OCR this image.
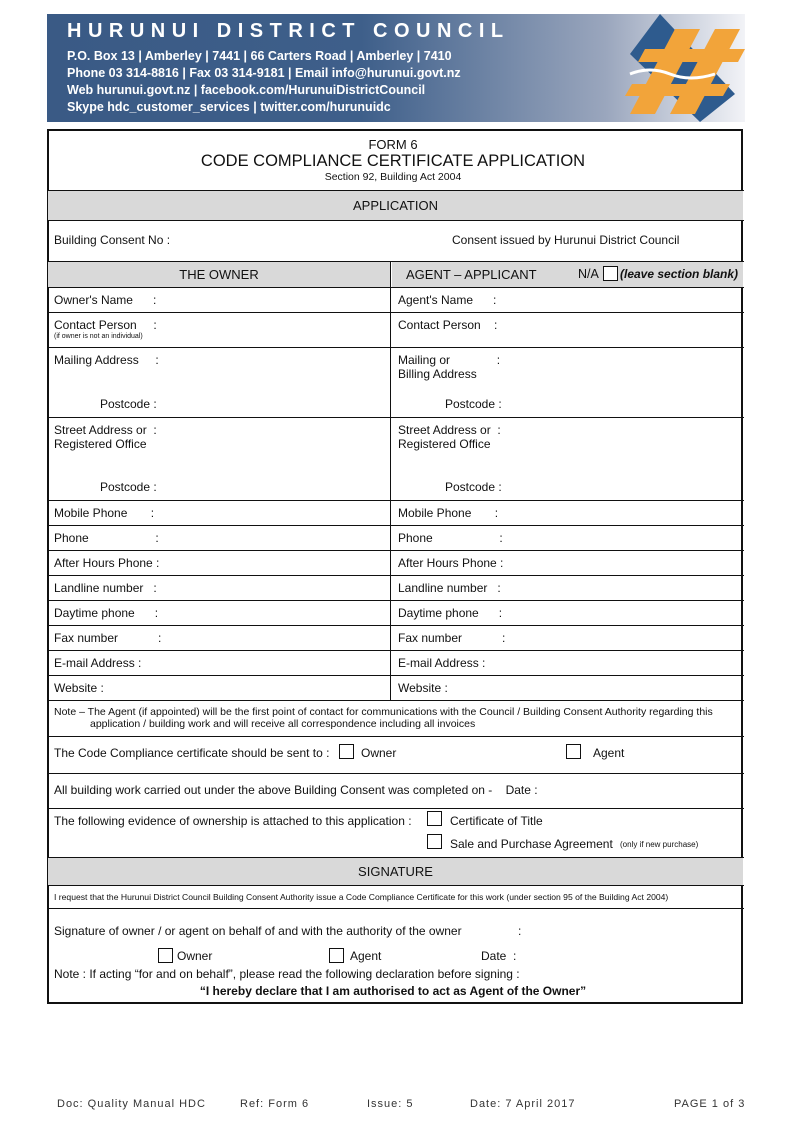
HURUNUI DISTRICT COUNCIL
P.O. Box 13 | Amberley | 7441 | 66 Carters Road | Amberley | 7410
Phone 03 314-8816 | Fax 03 314-9181 | Email info@hurunui.govt.nz
Web hurunui.govt.nz | facebook.com/HurunuiDistrictCouncil
Skype hdc_customer_services | twitter.com/hurunuidc
FORM 6
CODE COMPLIANCE CERTIFICATE APPLICATION
Section 92, Building Act 2004
APPLICATION
Building Consent No :	Consent issued by Hurunui District Council
THE OWNER	AGENT – APPLICANT	N/A (leave section blank)
Owner's Name      :	Agent's Name      :
Contact Person     :	Contact Person    :
(if owner is not an individual)
Mailing Address     :	Mailing or              :
Billing Address
Postcode :	Postcode :
Street Address or  :	Street Address or  :
Registered Office	Registered Office
Postcode :	Postcode :
Mobile Phone       :	Mobile Phone       :
Phone                    :	Phone                    :
After Hours Phone :	After Hours Phone :
Landline number   :	Landline number   :
Daytime phone      :	Daytime phone      :
Fax number            :	Fax number            :
E-mail Address :	E-mail Address :
Website :	Website :
Note – The Agent (if appointed) will be the first point of contact for communications with the Council / Building Consent Authority regarding this
application / building work and will receive all correspondence including all invoices
The Code Compliance certificate should be sent to :	Owner	Agent
All building work carried out under the above Building Consent was completed on -    Date :
The following evidence of ownership is attached to this application :	Certificate of Title
Sale and Purchase Agreement (only if new purchase)
SIGNATURE
I request that the Hurunui District Council Building Consent Authority issue a Code Compliance Certificate for this work (under section 95 of the Building Act 2004)
Signature of owner / or agent on behalf of and with the authority of the owner	:
Owner	Agent	Date  :
Note : If acting “for and on behalf”, please read the following declaration before signing :
“I hereby declare that I am authorised to act as Agent of the Owner”
Doc: Quality Manual HDC	Ref: Form 6	Issue: 5	Date: 7 April 2017	PAGE 1 of 3
